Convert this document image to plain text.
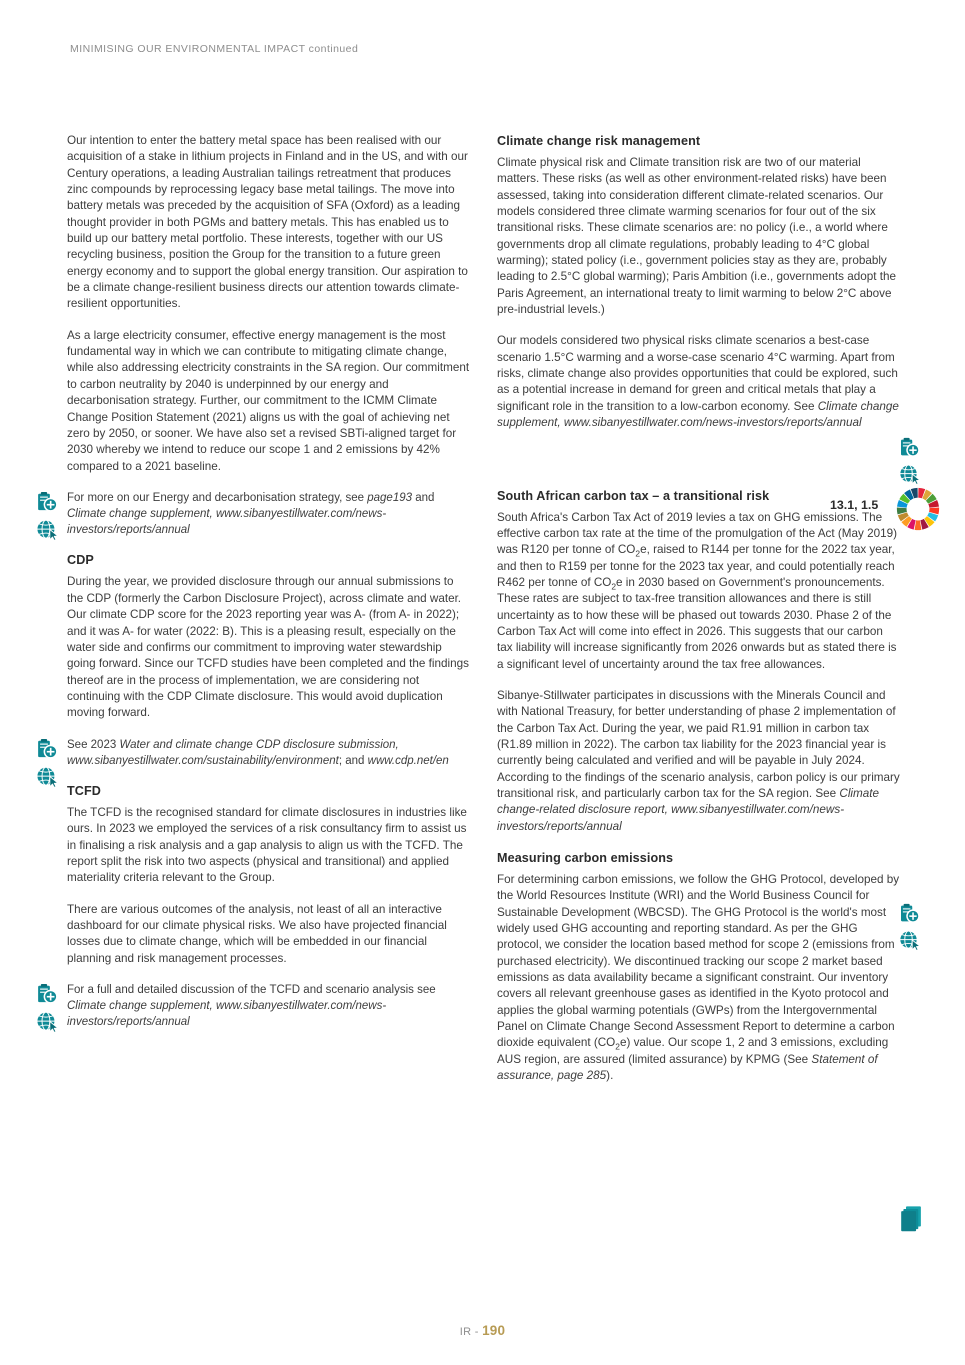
MINIMISING OUR ENVIRONMENTAL IMPACT continued

Our intention to enter the battery metal space has been realised with our acquisition of a stake in lithium projects in Finland and in the US, and with our Century operations, a leading Australian tailings retreatment that produces zinc compounds by reprocessing legacy base metal tailings. The move into battery metals was preceded by the acquisition of SFA (Oxford) as a leading thought provider in both PGMs and battery metals. This has enabled us to build up our battery metal portfolio. These interests, together with our US recycling business, position the Group for the transition to a future green energy economy and to support the global energy transition. Our aspiration to be a climate change-resilient business directs our attention towards climate-resilient opportunities.

As a large electricity consumer, effective energy management is the most fundamental way in which we can contribute to mitigating climate change, while also addressing electricity constraints in the SA region. Our commitment to carbon neutrality by 2040 is underpinned by our energy and decarbonisation strategy. Further, our commitment to the ICMM Climate Change Position Statement (2021) aligns us with the goal of achieving net zero by 2050, or sooner. We have also set a revised SBTi-aligned target for 2030 whereby we intend to reduce our scope 1 and 2 emissions by 42% compared to a 2021 baseline.

For more on our Energy and decarbonisation strategy, see page193 and Climate change supplement, www.sibanyestillwater.com/news-investors/reports/annual
CDP

During the year, we provided disclosure through our annual submissions to the CDP (formerly the Carbon Disclosure Project), across climate and water. Our climate CDP score for the 2023 reporting year was A- (from A- in 2022); and it was A- for water (2022: B). This is a pleasing result, especially on the water side and confirms our commitment to improving water stewardship going forward. Since our TCFD studies have been completed and the findings thereof are in the process of implementation, we are considering not continuing with the CDP Climate disclosure. This would avoid duplication moving forward.

See 2023 Water and climate change CDP disclosure submission, www.sibanyestillwater.com/sustainability/environment; and www.cdp.net/en
TCFD

The TCFD is the recognised standard for climate disclosures in industries like ours. In 2023 we employed the services of a risk consultancy firm to assist us in finalising a risk analysis and a gap analysis to align us with the TCFD. The report split the risk into two aspects (physical and transitional) and applied materiality criteria relevant to the Group.

There are various outcomes of the analysis, not least of all an interactive dashboard for our climate physical risks. We also have projected financial losses due to climate change, which will be embedded in our financial planning and risk management processes.

For a full and detailed discussion of the TCFD and scenario analysis see Climate change supplement, www.sibanyestillwater.com/news-investors/reports/annual
Climate change risk management

Climate physical risk and Climate transition risk are two of our material matters. These risks (as well as other environment-related risks) have been assessed, taking into consideration different climate-related scenarios. Our models considered three climate warming scenarios for four out of the six transitional risks. These climate scenarios are: no policy (i.e., a world where governments drop all climate regulations, probably leading to 4°C global warming); stated policy (i.e., government policies stay as they are, probably leading to 2.5°C global warming); Paris Ambition (i.e., governments adopt the Paris Agreement, an international treaty to limit warming to below 2°C above pre-industrial levels.)

Our models considered two physical risks climate scenarios a best-case scenario 1.5°C warming and a worse-case scenario 4°C warming. Apart from risks, climate change also provides opportunities that could be explored, such as a potential increase in demand for green and critical metals that play a significant role in the transition to a low-carbon economy. See Climate change supplement, www.sibanyestillwater.com/news-investors/reports/annual

South African carbon tax – a transitional risk

South Africa's Carbon Tax Act of 2019 levies a tax on GHG emissions. The effective carbon tax rate at the time of the promulgation of the Act (May 2019) was R120 per tonne of $CO_2e$, raised to R144 per tonne for the 2022 tax year, and then to R159 per tonne for the 2023 tax year, and could potentially reach R462 per tonne of $CO_2e$ in 2030 based on Government's pronouncements. These rates are subject to tax-free transition allowances and there is still uncertainty as to how these will be phased out towards 2030. Phase 2 of the Carbon Tax Act will come into effect in 2026. This suggests that our carbon tax liability will increase significantly from 2026 onwards but as stated there is a significant level of uncertainty around the tax free allowances.

Sibanye-Stillwater participates in discussions with the Minerals Council and with National Treasury, for better understanding of phase 2 implementation of the Carbon Tax Act. During the year, we paid R1.91 million in carbon tax (R1.89 million in 2022). The carbon tax liability for the 2023 financial year is currently being calculated and verified and will be payable in July 2024. According to the findings of the scenario analysis, carbon policy is our primary transitional risk, and particularly carbon tax for the SA region. See Climate change-related disclosure report, www.sibanyestillwater.com/news-investors/reports/annual

Measuring carbon emissions

For determining carbon emissions, we follow the GHG Protocol, developed by the World Resources Institute (WRI) and the World Business Council for Sustainable Development (WBCSD). The GHG Protocol is the world's most widely used GHG accounting and reporting standard. As per the GHG protocol, we consider the location based method for scope 2 (emissions from purchased electricity). We discontinued tracking our scope 2 market based emissions as data availability became a significant constraint. Our inventory covers all relevant greenhouse gases as identified in the Kyoto protocol and applies the global warming potentials (GWPs) from the Intergovernmental Panel on Climate Change Second Assessment Report to determine a carbon dioxide equivalent $(CO_2e)$ value. Our scope 1, 2 and 3 emissions, excluding AUS region, are assured (limited assurance) by KPMG (See Statement of assurance, page 285).

13.1, 1.5
IR - 190
